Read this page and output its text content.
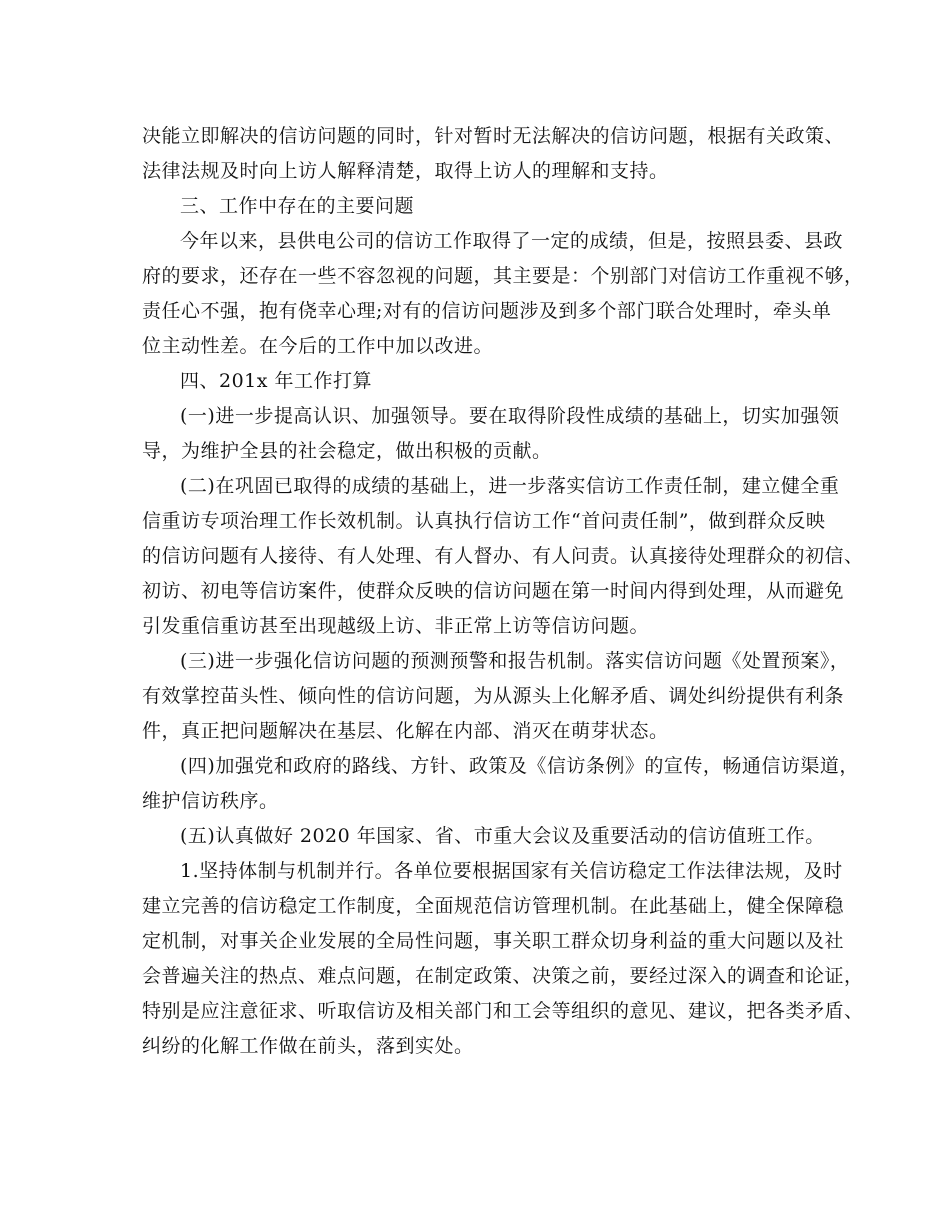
决能立即解决的信访问题的同时，针对暂时无法解决的信访问题，根据有关政策、
法律法规及时向上访人解释清楚，取得上访人的理解和支持。
三、工作中存在的主要问题
今年以来，县供电公司的信访工作取得了一定的成绩，但是，按照县委、县政
府的要求，还存在一些不容忽视的问题，其主要是：个别部门对信访工作重视不够，
责任心不强，抱有侥幸心理;对有的信访问题涉及到多个部门联合处理时，牵头单
位主动性差。在今后的工作中加以改进。
四、201x 年工作打算
(一)进一步提高认识、加强领导。要在取得阶段性成绩的基础上，切实加强领
导，为维护全县的社会稳定，做出积极的贡献。
(二)在巩固已取得的成绩的基础上，进一步落实信访工作责任制，建立健全重
信重访专项治理工作长效机制。认真执行信访工作“首问责任制”，做到群众反映
的信访问题有人接待、有人处理、有人督办、有人问责。认真接待处理群众的初信、
初访、初电等信访案件，使群众反映的信访问题在第一时间内得到处理，从而避免
引发重信重访甚至出现越级上访、非正常上访等信访问题。
(三)进一步强化信访问题的预测预警和报告机制。落实信访问题《处置预案》，
有效掌控苗头性、倾向性的信访问题，为从源头上化解矛盾、调处纠纷提供有利条
件，真正把问题解决在基层、化解在内部、消灭在萌芽状态。
(四)加强党和政府的路线、方针、政策及《信访条例》的宣传，畅通信访渠道，
维护信访秩序。
(五)认真做好 2020 年国家、省、市重大会议及重要活动的信访值班工作。
1.坚持体制与机制并行。各单位要根据国家有关信访稳定工作法律法规，及时
建立完善的信访稳定工作制度，全面规范信访管理机制。在此基础上，健全保障稳
定机制，对事关企业发展的全局性问题，事关职工群众切身利益的重大问题以及社
会普遍关注的热点、难点问题，在制定政策、决策之前，要经过深入的调查和论证，
特别是应注意征求、听取信访及相关部门和工会等组织的意见、建议，把各类矛盾、
纠纷的化解工作做在前头，落到实处。
